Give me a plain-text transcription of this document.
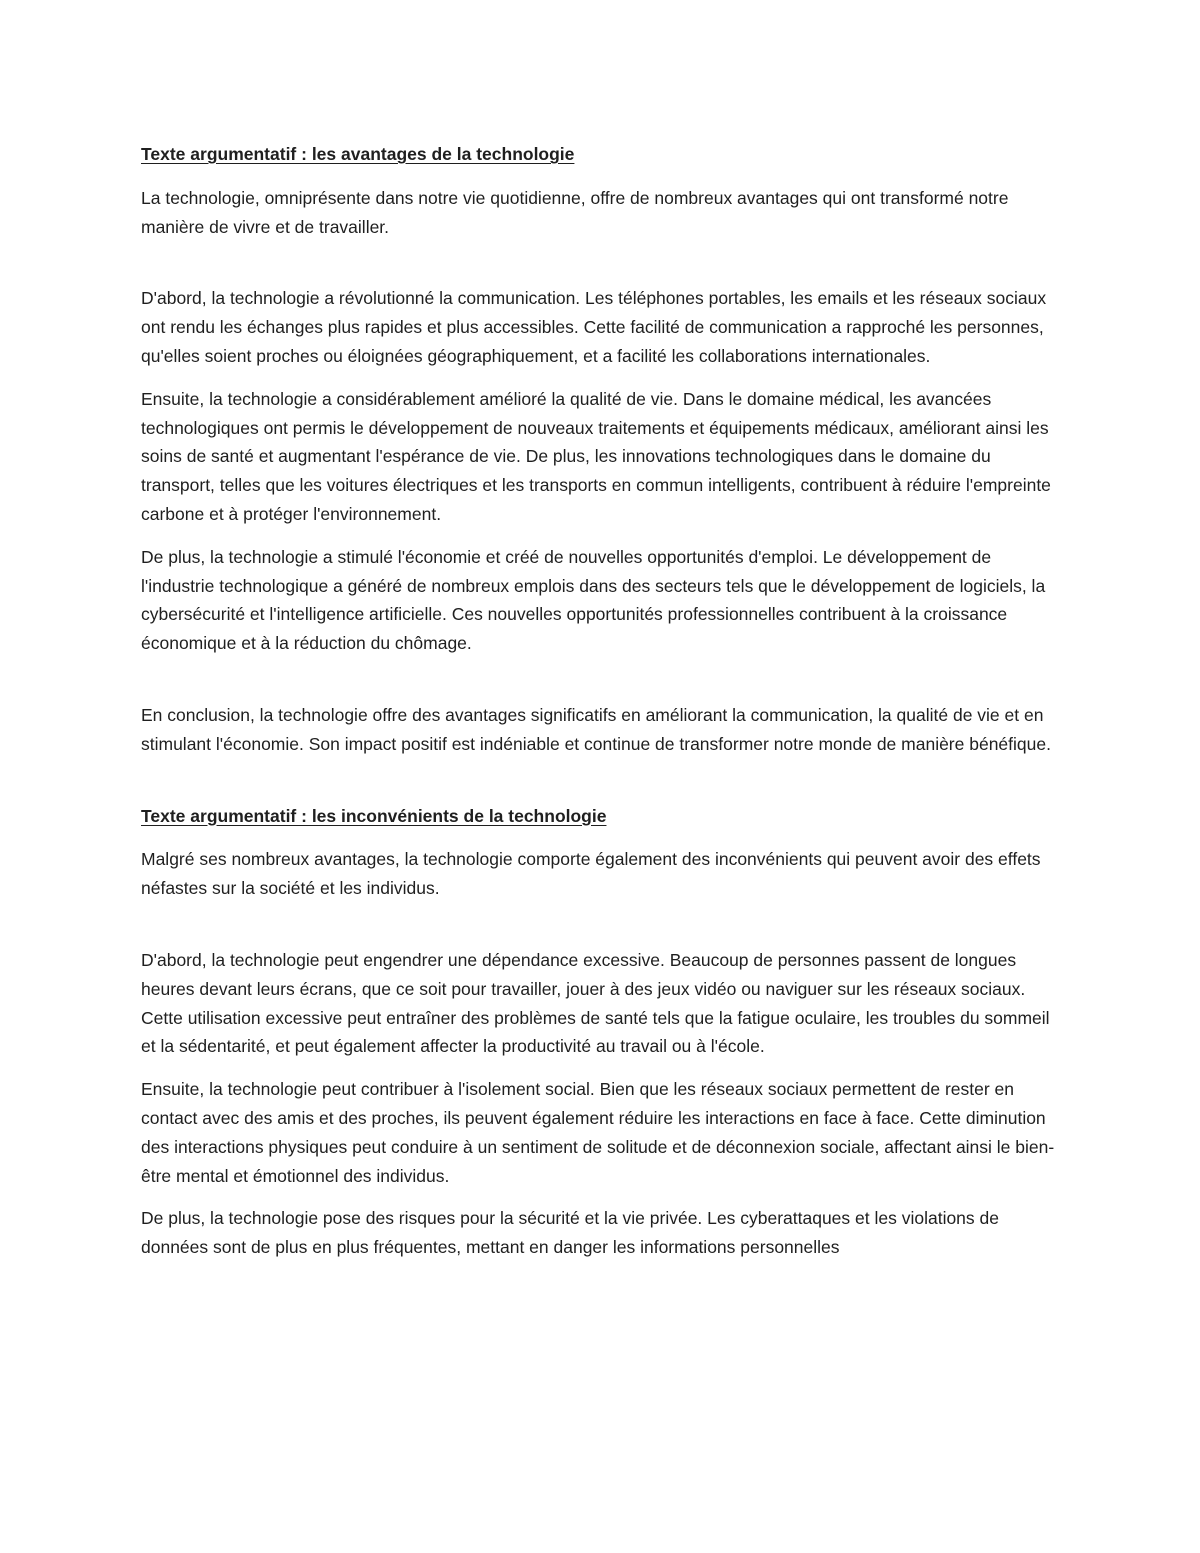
Texte argumentatif : les avantages de la technologie

La technologie, omniprésente dans notre vie quotidienne, offre de nombreux avantages qui ont transformé notre manière de vivre et de travailler.

D'abord, la technologie a révolutionné la communication. Les téléphones portables, les emails et les réseaux sociaux ont rendu les échanges plus rapides et plus accessibles. Cette facilité de communication a rapproché les personnes, qu'elles soient proches ou éloignées géographiquement, et a facilité les collaborations internationales.

Ensuite, la technologie a considérablement amélioré la qualité de vie. Dans le domaine médical, les avancées technologiques ont permis le développement de nouveaux traitements et équipements médicaux, améliorant ainsi les soins de santé et augmentant l'espérance de vie. De plus, les innovations technologiques dans le domaine du transport, telles que les voitures électriques et les transports en commun intelligents, contribuent à réduire l'empreinte carbone et à protéger l'environnement.

De plus, la technologie a stimulé l'économie et créé de nouvelles opportunités d'emploi. Le développement de l'industrie technologique a généré de nombreux emplois dans des secteurs tels que le développement de logiciels, la cybersécurité et l'intelligence artificielle. Ces nouvelles opportunités professionnelles contribuent à la croissance économique et à la réduction du chômage.

En conclusion, la technologie offre des avantages significatifs en améliorant la communication, la qualité de vie et en stimulant l'économie. Son impact positif est indéniable et continue de transformer notre monde de manière bénéfique.

Texte argumentatif : les inconvénients de la technologie

Malgré ses nombreux avantages, la technologie comporte également des inconvénients qui peuvent avoir des effets néfastes sur la société et les individus.

D'abord, la technologie peut engendrer une dépendance excessive. Beaucoup de personnes passent de longues heures devant leurs écrans, que ce soit pour travailler, jouer à des jeux vidéo ou naviguer sur les réseaux sociaux. Cette utilisation excessive peut entraîner des problèmes de santé tels que la fatigue oculaire, les troubles du sommeil et la sédentarité, et peut également affecter la productivité au travail ou à l'école.

Ensuite, la technologie peut contribuer à l'isolement social. Bien que les réseaux sociaux permettent de rester en contact avec des amis et des proches, ils peuvent également réduire les interactions en face à face. Cette diminution des interactions physiques peut conduire à un sentiment de solitude et de déconnexion sociale, affectant ainsi le bien-être mental et émotionnel des individus.

De plus, la technologie pose des risques pour la sécurité et la vie privée. Les cyberattaques et les violations de données sont de plus en plus fréquentes, mettant en danger les informations personnelles
